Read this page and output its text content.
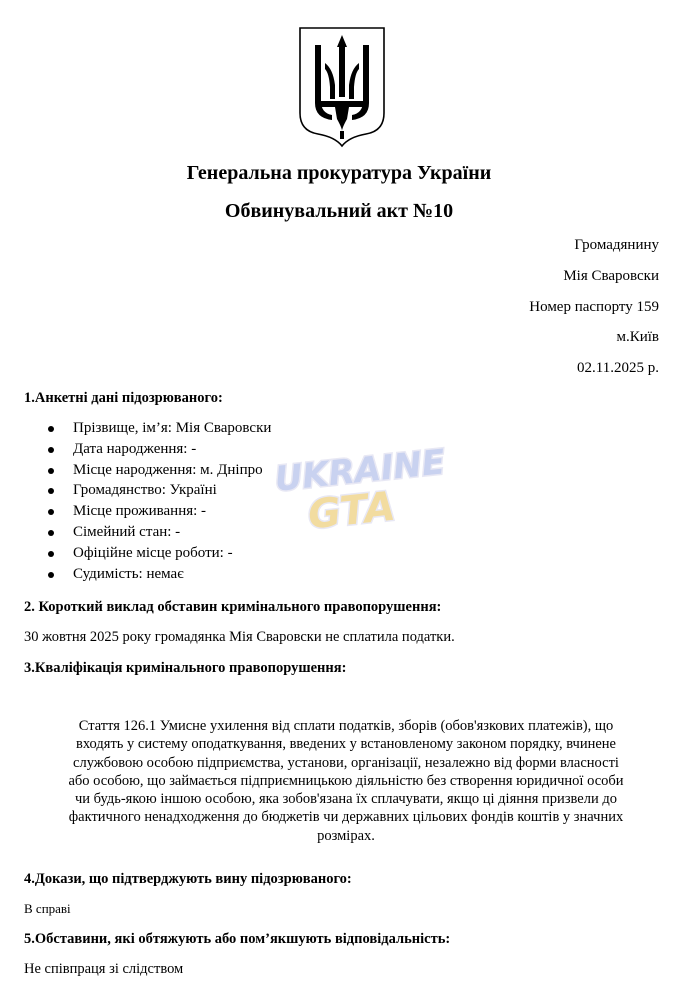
Генеральна прокуратура України
Обвинувальний акт №10
Громадянину
Мія Сваровски
Номер паспорту 159
м.Київ
02.11.2025 р.
1.Анкетні дані підозрюваного:
Прізвище, ім’я: Мія Сваровски
Дата народження: -
Місце народження: м. Дніпро
Громадянство: Україні
Місце проживання: -
Сімейний стан: -
Офіційне місце роботи: -
Судимість: немає
UKRAINE
GTA
2. Короткий виклад обставин кримінального правопорушення:
30 жовтня 2025 року громадянка Мія Сваровски не сплатила податки.
3.Кваліфікація кримінального правопорушення:
Стаття 126.1 Умисне ухилення від сплати податків, зборів (обов'язкових платежів), що
входять у систему оподаткування, введених у встановленому законом порядку, вчинене
службовою особою підприємства, установи, організації, незалежно від форми власності
або особою, що займається підприємницькою діяльністю без створення юридичної особи
чи будь-якою іншою особою, яка зобов'язана їх сплачувати, якщо ці діяння призвели до
фактичного ненадходження до бюджетів чи державних цільових фондів коштів у значних
розмірах.
4.Докази, що підтверджують вину підозрюваного:
В справі
5.Обставини, які обтяжують або пом’якшують відповідальність:
Не співпраця зі слідством
